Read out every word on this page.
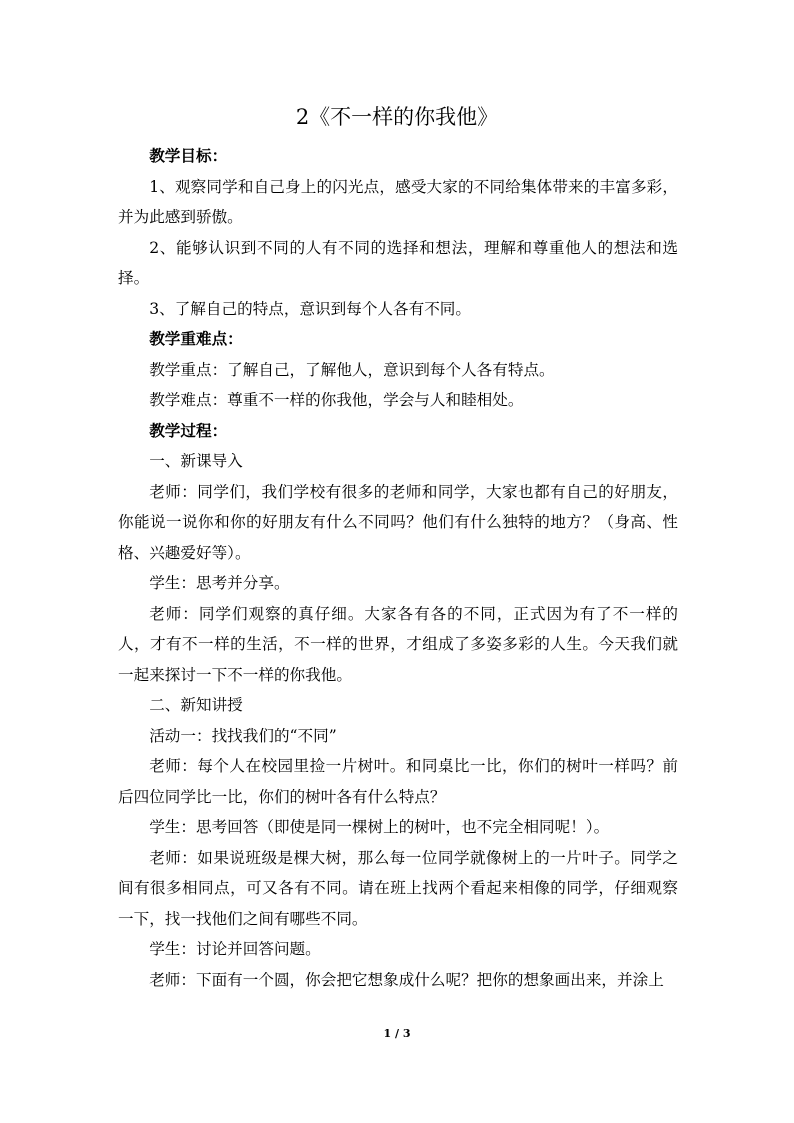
2《不一样的你我他》

教学目标：

1、观察同学和自己身上的闪光点，感受大家的不同给集体带来的丰富多彩，并为此感到骄傲。

2、能够认识到不同的人有不同的选择和想法，理解和尊重他人的想法和选择。

3、了解自己的特点，意识到每个人各有不同。

教学重难点：

教学重点：了解自己，了解他人，意识到每个人各有特点。

教学难点：尊重不一样的你我他，学会与人和睦相处。

教学过程：

一、新课导入

老师：同学们，我们学校有很多的老师和同学，大家也都有自己的好朋友，你能说一说你和你的好朋友有什么不同吗？他们有什么独特的地方？（身高、性格、兴趣爱好等）。

学生：思考并分享。

老师：同学们观察的真仔细。大家各有各的不同，正式因为有了不一样的人，才有不一样的生活，不一样的世界，才组成了多姿多彩的人生。今天我们就一起来探讨一下不一样的你我他。

二、新知讲授

活动一：找找我们的“不同”

老师：每个人在校园里捡一片树叶。和同桌比一比，你们的树叶一样吗？前后四位同学比一比，你们的树叶各有什么特点？

学生：思考回答（即使是同一棵树上的树叶，也不完全相同呢！）。

老师：如果说班级是棵大树，那么每一位同学就像树上的一片叶子。同学之间有很多相同点，可又各有不同。请在班上找两个看起来相像的同学，仔细观察一下，找一找他们之间有哪些不同。

学生：讨论并回答问题。

老师：下面有一个圆，你会把它想象成什么呢？把你的想象画出来，并涂上

1 / 3
